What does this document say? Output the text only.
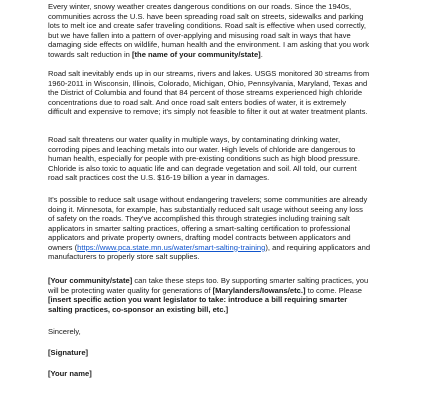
Every winter, snowy weather creates dangerous conditions on our roads. Since the 1940s,
communities across the U.S. have been spreading road salt on streets, sidewalks and parking
lots to melt ice and create safer traveling conditions. Road salt is effective when used correctly,
but we have fallen into a pattern of over-applying and misusing road salt in ways that have
damaging side effects on wildlife, human health and the environment. I am asking that you work
towards salt reduction in [the name of your community/state].

Road salt inevitably ends up in our streams, rivers and lakes. USGS monitored 30 streams from
1960-2011 in Wisconsin, Illinois, Colorado, Michigan, Ohio, Pennsylvania, Maryland, Texas and
the District of Columbia and found that 84 percent of those streams experienced high chloride
concentrations due to road salt. And once road salt enters bodies of water, it is extremely
difficult and expensive to remove; it's simply not feasible to filter it out at water treatment plants.

Road salt threatens our water quality in multiple ways, by contaminating drinking water,
corroding pipes and leaching metals into our water. High levels of chloride are dangerous to
human health, especially for people with pre-existing conditions such as high blood pressure.
Chloride is also toxic to aquatic life and can degrade vegetation and soil. All told, our current
road salt practices cost the U.S. $16-19 billion a year in damages.

It's possible to reduce salt usage without endangering travelers; some communities are already
doing it. Minnesota, for example, has substantially reduced salt usage without seeing any loss
of safety on the roads. They've accomplished this through strategies including training salt
applicators in smarter salting practices, offering a smart-salting certification to professional
applicators and private property owners, drafting model contracts between applicators and
owners (https://www.pca.state.mn.us/water/smart-salting-training), and requiring applicators and
manufacturers to properly store salt supplies.

[Your community/state] can take these steps too. By supporting smarter salting practices, you
will be protecting water quality for generations of [Marylanders/Iowans/etc.] to come. Please
[insert specific action you want legislator to take: introduce a bill requiring smarter
salting practices, co-sponsor an existing bill, etc.]

Sincerely,

[Signature]

[Your name]
